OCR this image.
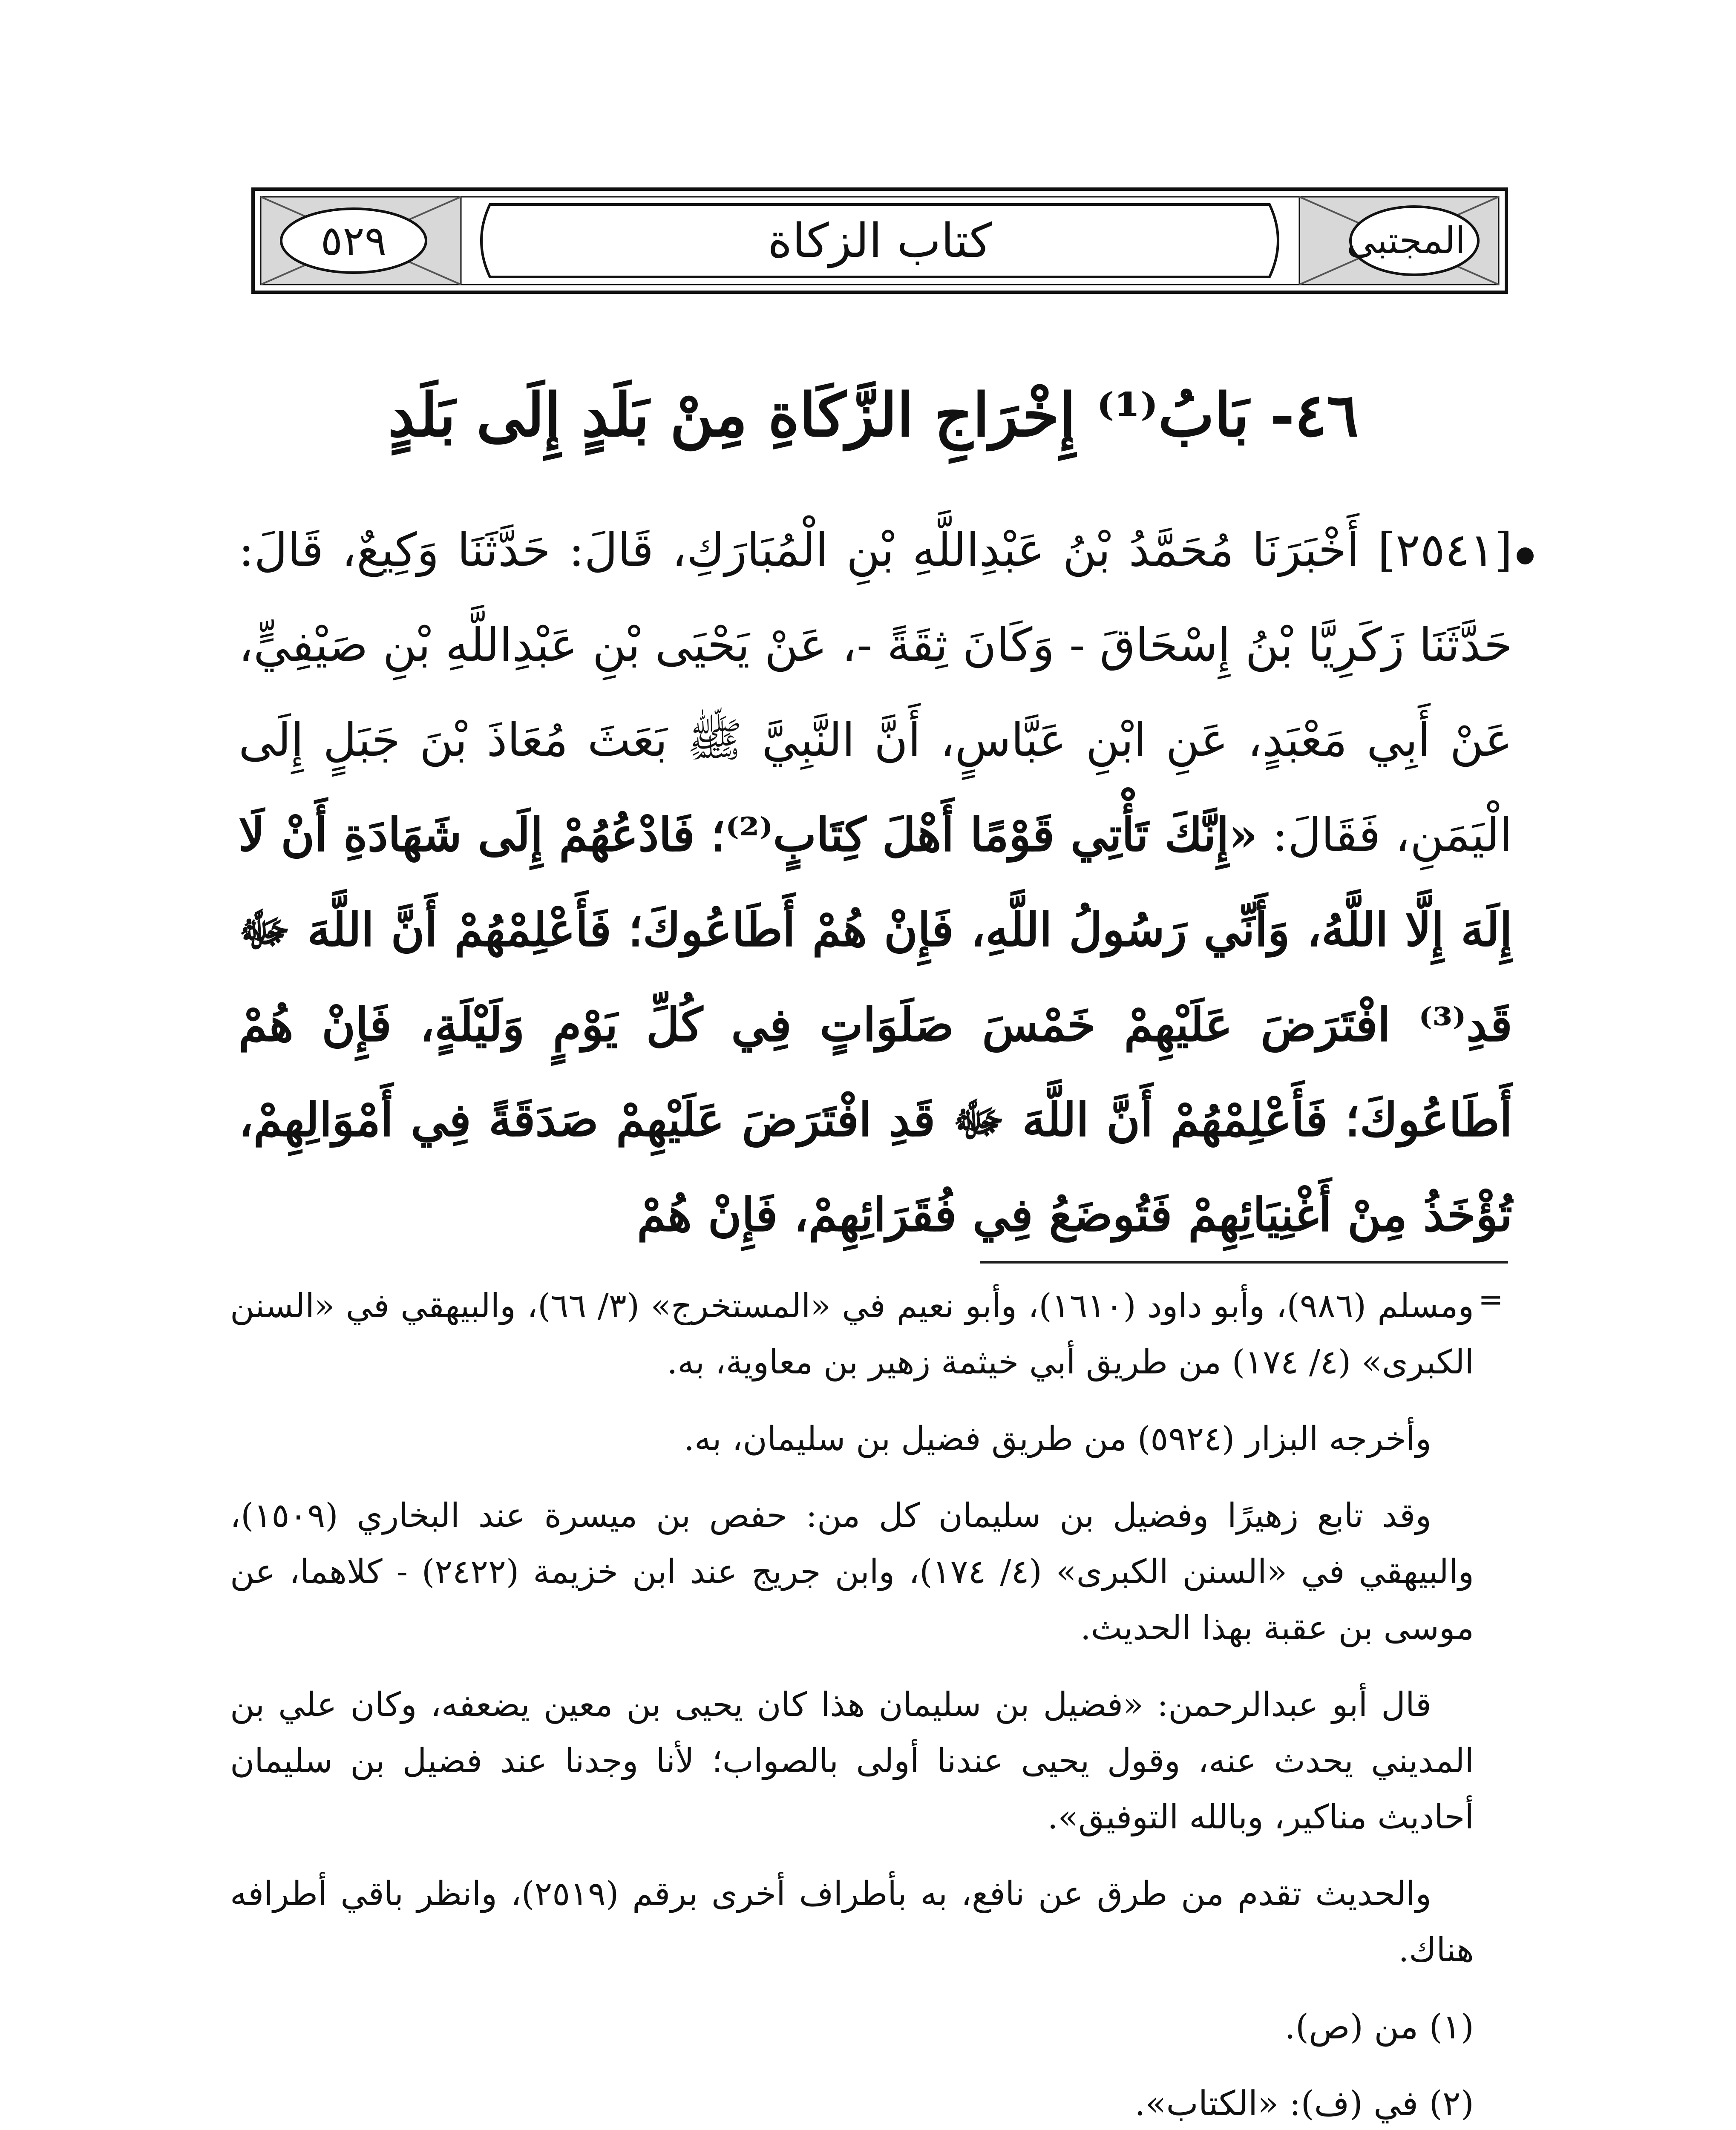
٥٢٩	كتاب الزكاة	المجتبى
٤٦- بَابُ⁽¹⁾ إِخْرَاجِ الزَّكَاةِ مِنْ بَلَدٍ إِلَى بَلَدٍ
[٢٥٤١] أَخْبَرَنَا مُحَمَّدُ بْنُ عَبْدِاللَّهِ بْنِ الْمُبَارَكِ، قَالَ: حَدَّثَنَا وَكِيعٌ، قَالَ: حَدَّثَنَا زَكَرِيَّا بْنُ إِسْحَاقَ - وَكَانَ ثِقَةً -، عَنْ يَحْيَى بْنِ عَبْدِاللَّهِ بْنِ صَيْفِيٍّ، عَنْ أَبِي مَعْبَدٍ، عَنِ ابْنِ عَبَّاسٍ، أَنَّ النَّبِيَّ ﷺ بَعَثَ مُعَاذَ بْنَ جَبَلٍ إِلَى الْيَمَنِ، فَقَالَ: «إِنَّكَ تَأْتِي قَوْمًا أَهْلَ كِتَابٍ⁽²⁾؛ فَادْعُهُمْ إِلَى شَهَادَةِ أَنْ لَا إِلَهَ إِلَّا اللَّهُ، وَأَنِّي رَسُولُ اللَّهِ، فَإِنْ هُمْ أَطَاعُوكَ؛ فَأَعْلِمْهُمْ أَنَّ اللَّهَ ﷻ قَدِ⁽³⁾ افْتَرَضَ عَلَيْهِمْ خَمْسَ صَلَوَاتٍ فِي كُلِّ يَوْمٍ وَلَيْلَةٍ، فَإِنْ هُمْ أَطَاعُوكَ؛ فَأَعْلِمْهُمْ أَنَّ اللَّهَ ﷻ قَدِ افْتَرَضَ عَلَيْهِمْ صَدَقَةً فِي أَمْوَالِهِمْ، تُؤْخَذُ مِنْ أَغْنِيَائِهِمْ فَتُوضَعُ فِي فُقَرَائِهِمْ، فَإِنْ هُمْ
=

ومسلم (٩٨٦)، وأبو داود (١٦١٠)، وأبو نعيم في «المستخرج» (٣/ ٦٦)، والبيهقي في «السنن الكبرى» (٤/ ١٧٤) من طريق أبي خيثمة زهير بن معاوية، به.

وأخرجه البزار (٥٩٢٤) من طريق فضيل بن سليمان، به.

وقد تابع زهيرًا وفضيل بن سليمان كل من: حفص بن ميسرة عند البخاري (١٥٠٩)، والبيهقي في «السنن الكبرى» (٤/ ١٧٤)، وابن جريج عند ابن خزيمة (٢٤٢٢) - كلاهما، عن موسى بن عقبة بهذا الحديث.

قال أبو عبدالرحمن: «فضيل بن سليمان هذا كان يحيى بن معين يضعفه، وكان علي بن المديني يحدث عنه، وقول يحيى عندنا أولى بالصواب؛ لأنا وجدنا عند فضيل بن سليمان أحاديث مناكير، وبالله التوفيق».

والحديث تقدم من طرق عن نافع، به بأطراف أخرى برقم (٢٥١٩)، وانظر باقي أطرافه هناك.

(١) من (ص).

(٢) في (ف): «الكتاب».
